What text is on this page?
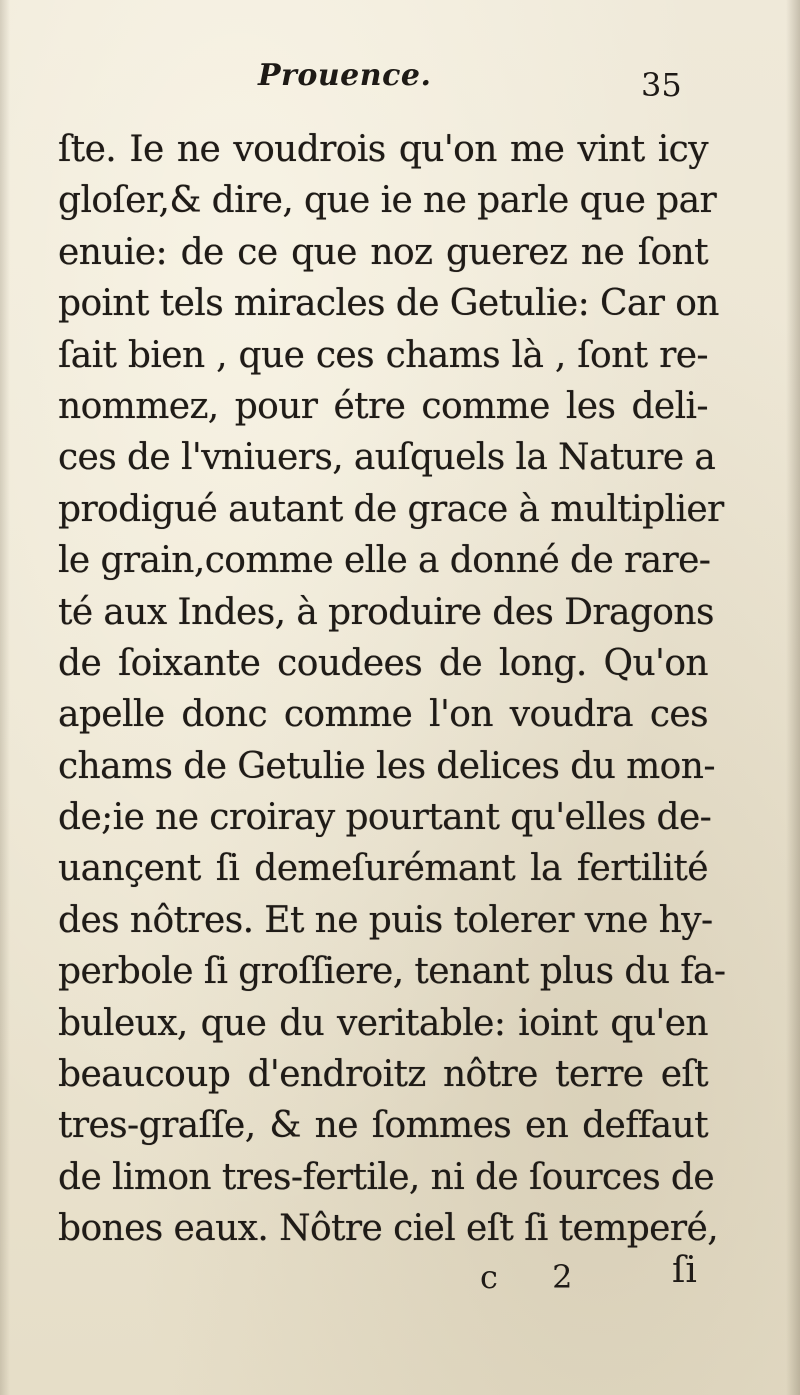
Prouence.	35
ſte. Ie ne voudrois qu'on me vint icy
gloſer,& dire, que ie ne parle que par
enuie: de ce que noz guerez ne ſont
point tels miracles de Getulie: Car on
ſait bien , que ces chams là , ſont re-
nommez, pour étre comme les deli-
ces de l'vniuers, auſquels la Nature a
prodigué autant de grace à multiplier
le grain,comme elle a donné de rare-
té aux Indes, à produire des Dragons
de ſoixante coudees de long. Qu'on
apelle donc comme l'on voudra ces
chams de Getulie les delices du mon-
de;ie ne croiray pourtant qu'elles de-
uançent ſi demeſurémant la fertilité
des nôtres. Et ne puis tolerer vne hy-
perbole ſi groſſiere, tenant plus du fa-
buleux, que du veritable: ioint qu'en
beaucoup d'endroitz nôtre terre eſt
tres-graſſe, & ne ſommes en deffaut
de limon tres-fertile, ni de ſources de
bones eaux. Nôtre ciel eſt ſi temperé,
c 2 ſi
